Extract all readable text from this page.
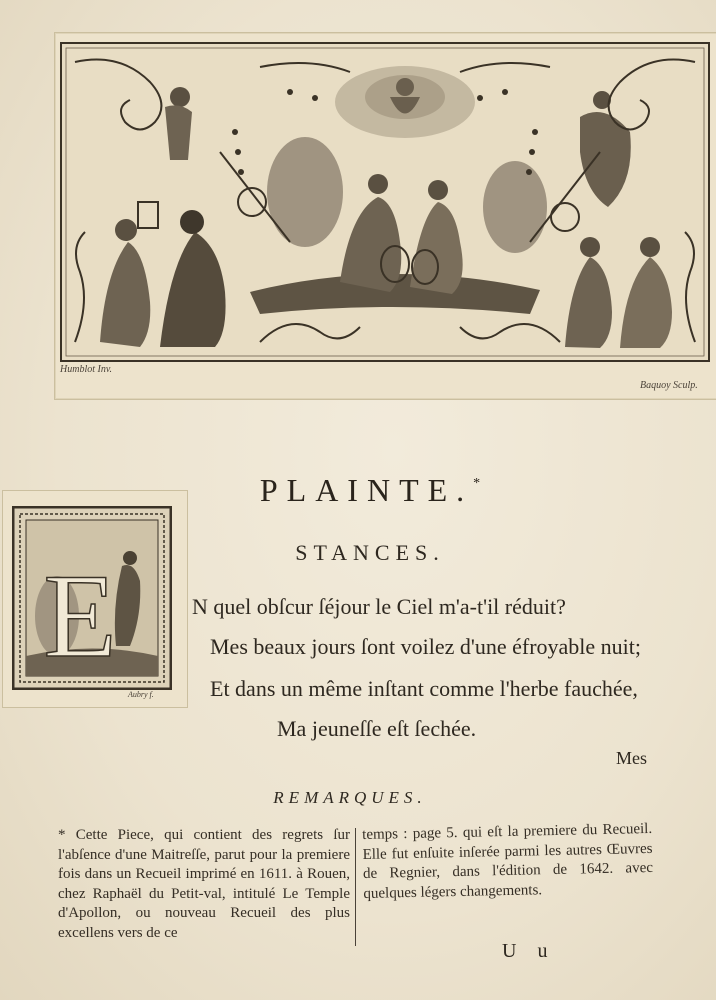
Humblot Inv.
Baquoy Sculp.
E
Aubry f.
PLAINTE.*
STANCES.
N quel obſcur ſéjour le Ciel m'a-t'il réduit?
Mes beaux jours ſont voilez d'une éfroyable nuit;
Et dans un même inſtant comme l'herbe fauchée,
Ma jeuneſſe eſt ſechée.
Mes
REMARQUES.
* Cette Piece, qui contient des regrets ſur l'abſence d'une Maitreſſe, parut pour la premiere fois dans un Recueil imprimé en 1611. à Rouen, chez Raphaël du Petit-val, intitulé Le Temple d'Apollon, ou nouveau Recueil des plus excellens vers de ce
temps : page 5. qui eſt la premiere du Recueil. Elle fut enſuite inſerée parmi les autres Œuvres de Regnier, dans l'édition de 1642. avec quelques légers changements.
U u
